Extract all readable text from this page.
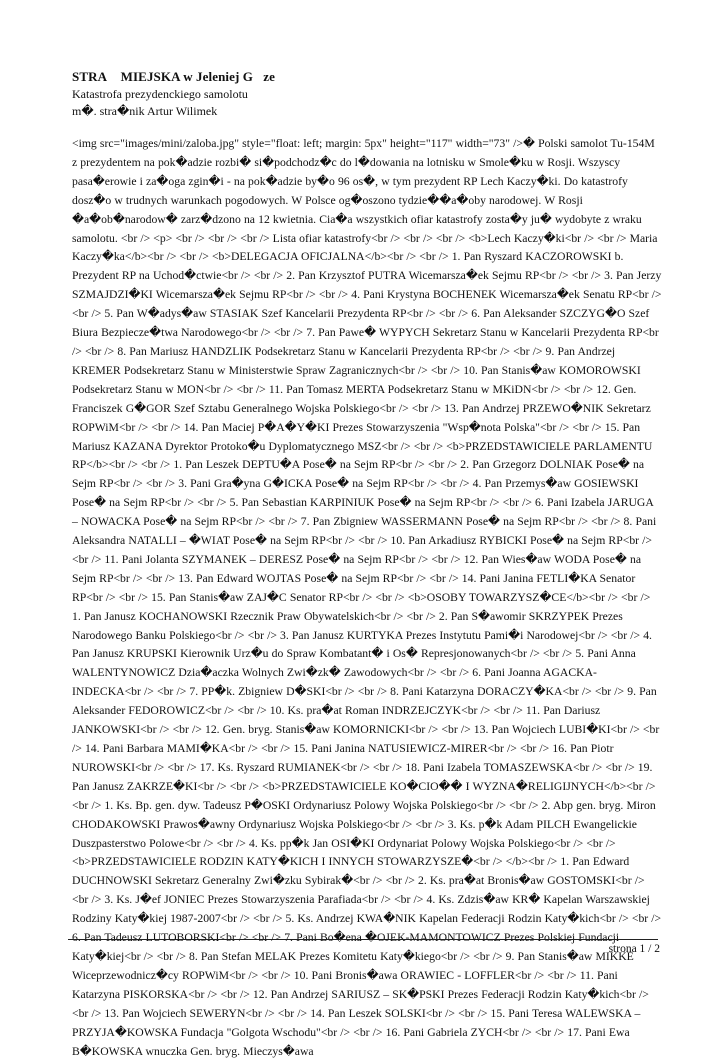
STRA  MIEJSKA w Jeleniej G ze
Katastrofa prezydenckiego samolotu
m�. stra�nik Artur Wilimek
<img src="images/mini/zaloba.jpg" style="float: left; margin: 5px" height="117" width="73" />� Polski samolot Tu-154M z prezydentem na pok�adzie rozbi� si�podchodz�c do l�dowania na lotnisku w Smole�ku w Rosji. Wszyscy pasa�erowie i za�oga zgin�i - na pok�adzie by�o 96 os�, w tym prezydent RP Lech Kaczy�ki. Do katastrofy dosz�o w trudnych warunkach pogodowych. W Polsce og�oszono tydzie��a�oby narodowej. W Rosji �a�ob�narodow� zarz�dzono na 12 kwietnia. Cia�a wszystkich ofiar katastrofy zosta�y ju� wydobyte z wraku samolotu. <br /> <p> <br /> <br /> <br /> Lista ofiar katastrofy<br /> <br /> <br /> <b>Lech Kaczy�ki<br /> <br /> Maria Kaczy�ka</b><br /> <br /> <b>DELEGACJA OFICJALNA</b><br /> <br /> 1. Pan Ryszard KACZOROWSKI b. Prezydent RP na Uchod�ctwie<br /> <br /> 2. Pan Krzysztof PUTRA Wicemarsza�ek Sejmu RP<br /> <br /> 3. Pan Jerzy SZMAJDZI�KI Wicemarsza�ek Sejmu RP<br /> <br /> 4. Pani Krystyna BOCHENEK Wicemarsza�ek Senatu RP<br /> <br /> 5. Pan W�adys�aw STASIAK Szef Kancelarii Prezydenta RP<br /> <br /> 6. Pan Aleksander SZCZYG�O Szef Biura Bezpiecze�twa Narodowego<br /> <br /> 7. Pan Pawe� WYPYCH Sekretarz Stanu w Kancelarii Prezydenta RP<br /> <br /> 8. Pan Mariusz HANDZLIK Podsekretarz Stanu w Kancelarii Prezydenta RP<br /> <br /> 9. Pan Andrzej KREMER Podsekretarz Stanu w Ministerstwie Spraw Zagranicznych<br /> <br /> 10. Pan Stanis�aw KOMOROWSKI Podsekretarz Stanu w MON<br /> <br /> 11. Pan Tomasz MERTA Podsekretarz Stanu w MKiDN<br /> <br /> 12. Gen. Franciszek G�GOR Szef Sztabu Generalnego Wojska Polskiego<br /> <br /> 13. Pan Andrzej PRZEWO�NIK Sekretarz ROPWiM<br /> <br /> 14. Pan Maciej P�A�Y�KI Prezes Stowarzyszenia "Wsp�nota Polska"<br /> <br /> 15. Pan Mariusz KAZANA Dyrektor Protoko�u Dyplomatycznego MSZ<br /> <br /> <b>PRZEDSTAWICIELE PARLAMENTU RP</b><br /> <br /> 1. Pan Leszek DEPTU�A Pose� na Sejm RP<br /> <br /> 2. Pan Grzegorz DOLNIAK Pose� na Sejm RP<br /> <br /> 3. Pani Gra�yna G�ICKA Pose� na Sejm RP<br /> <br /> 4. Pan Przemys�aw GOSIEWSKI Pose� na Sejm RP<br /> <br /> 5. Pan Sebastian KARPINIUK Pose� na Sejm RP<br /> <br /> 6. Pani Izabela JARUGA – NOWACKA Pose� na Sejm RP<br /> <br /> 7. Pan Zbigniew WASSERMANN Pose� na Sejm RP<br /> <br /> 8. Pani Aleksandra NATALLI – �WIAT Pose� na Sejm RP<br /> <br /> 10. Pan Arkadiusz RYBICKI Pose� na Sejm RP<br /> <br /> 11. Pani Jolanta SZYMANEK – DERESZ Pose� na Sejm RP<br /> <br /> 12. Pan Wies�aw WODA Pose� na Sejm RP<br /> <br /> 13. Pan Edward WOJTAS Pose� na Sejm RP<br /> <br /> 14. Pani Janina FETLI�KA Senator RP<br /> <br /> 15. Pan Stanis�aw ZAJ�C Senator RP<br /> <br /> <b>OSOBY TOWARZYSZ�CE</b><br /> <br /> 1. Pan Janusz KOCHANOWSKI Rzecznik Praw Obywatelskich<br /> <br /> 2. Pan S�awomir SKRZYPEK Prezes Narodowego Banku Polskiego<br /> <br /> 3. Pan Janusz KURTYKA Prezes Instytutu Pami�i Narodowej<br /> <br /> 4. Pan Janusz KRUPSKI Kierownik Urz�u do Spraw Kombatant� i Os� Represjonowanych<br /> <br /> 5. Pani Anna WALENTYNOWICZ Dzia�aczka Wolnych Zwi�zk� Zawodowych<br /> <br /> 6. Pani Joanna AGACKA-INDECKA<br /> <br /> 7. PP�k. Zbigniew D�SKI<br /> <br /> 8. Pani Katarzyna DORACZY�KA<br /> <br /> 9. Pan Aleksander FEDOROWICZ<br /> <br /> 10. Ks. pra�at Roman INDRZEJCZYK<br /> <br /> 11. Pan Dariusz JANKOWSKI<br /> <br /> 12. Gen. bryg. Stanis�aw KOMORNICKI<br /> <br /> 13. Pan Wojciech LUBI�KI<br /> <br /> 14. Pani Barbara MAMI�KA<br /> <br /> 15. Pani Janina NATUSIEWICZ-MIRER<br /> <br /> 16. Pan Piotr NUROWSKI<br /> <br /> 17. Ks. Ryszard RUMIANEK<br /> <br /> 18. Pani Izabela TOMASZEWSKA<br /> <br /> 19. Pan Janusz ZAKRZE�KI<br /> <br /> <b>PRZEDSTAWICIELE KO�CIO�� I WYZNA�RELIGIJNYCH</b><br /> <br /> 1. Ks. Bp. gen. dyw. Tadeusz P�OSKI Ordynariusz Polowy Wojska Polskiego<br /> <br /> 2. Abp gen. bryg. Miron CHODAKOWSKI Prawos�awny Ordynariusz Wojska Polskiego<br /> <br /> 3. Ks. p�k Adam PILCH Ewangelickie Duszpasterstwo Polowe<br /> <br /> 4. Ks. pp�k Jan OSI�KI Ordynariat Polowy Wojska Polskiego<br /> <br /> <b>PRZEDSTAWICIELE RODZIN KATY�KICH I INNYCH STOWARZYSZE�<br /> </b><br /> 1. Pan Edward DUCHNOWSKI Sekretarz Generalny Zwi�zku Sybirak�<br /> <br /> 2. Ks. pra�at Bronis�aw GOSTOMSKI<br /> <br /> 3. Ks. J�ef JONIEC Prezes Stowarzyszenia Parafiada<br /> <br /> 4. Ks. Zdzis�aw KR� Kapelan Warszawskiej Rodziny Katy�kiej 1987-2007<br /> <br /> 5. Ks. Andrzej KWA�NIK Kapelan Federacji Rodzin Katy�kich<br /> <br /> 6. Pan Tadeusz LUTOBORSKI<br /> <br /> 7. Pani Bo�ena �OJEK-MAMONTOWICZ Prezes Polskiej Fundacji Katy�kiej<br /> <br /> 8. Pan Stefan MELAK Prezes Komitetu Katy�kiego<br /> <br /> 9. Pan Stanis�aw MIKKE Wiceprzewodnicz�cy ROPWiM<br /> <br /> 10. Pani Bronis�awa ORAWIEC - LOFFLER<br /> <br /> 11. Pani Katarzyna PISKORSKA<br /> <br /> 12. Pan Andrzej SARIUSZ – SK�PSKI Prezes Federacji Rodzin Katy�kich<br /> <br /> 13. Pan Wojciech SEWERYN<br /> <br /> 14. Pan Leszek SOLSKI<br /> <br /> 15. Pani Teresa WALEWSKA – PRZYJA�KOWSKA Fundacja "Golgota Wschodu"<br /> <br /> 16. Pani Gabriela ZYCH<br /> <br /> 17. Pani Ewa B�KOWSKA wnuczka Gen. bryg. Mieczys�awa
strona 1 / 2
